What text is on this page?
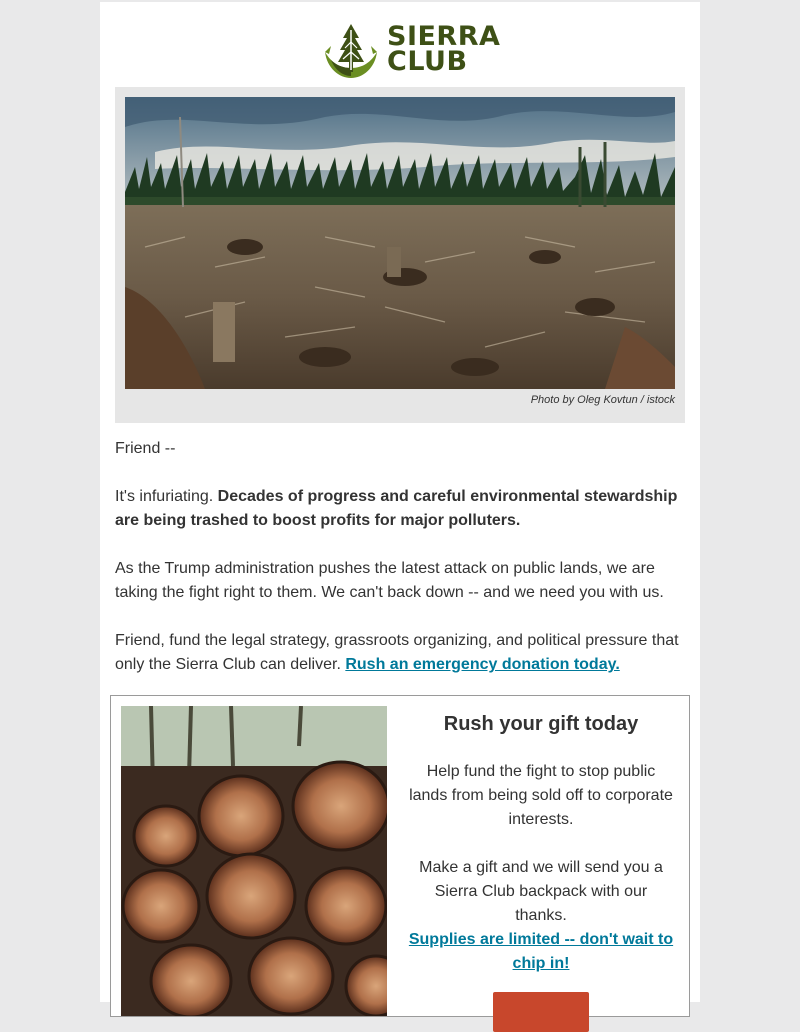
SIERRA
CLUB
Photo by Oleg Kovtun / istock

Friend --

It's infuriating. Decades of progress and careful environmental stewardship are being trashed to boost profits for major polluters.

As the Trump administration pushes the latest attack on public lands, we are taking the fight right to them. We can't back down -- and we need you with us.

Friend, fund the legal strategy, grassroots organizing, and political pressure that only the Sierra Club can deliver. Rush an emergency donation today.

Rush your gift today

Help fund the fight to stop public lands from being sold off to corporate interests.

Make a gift and we will send you a Sierra Club backpack with our thanks.

Supplies are limited -- don't wait to chip in!
